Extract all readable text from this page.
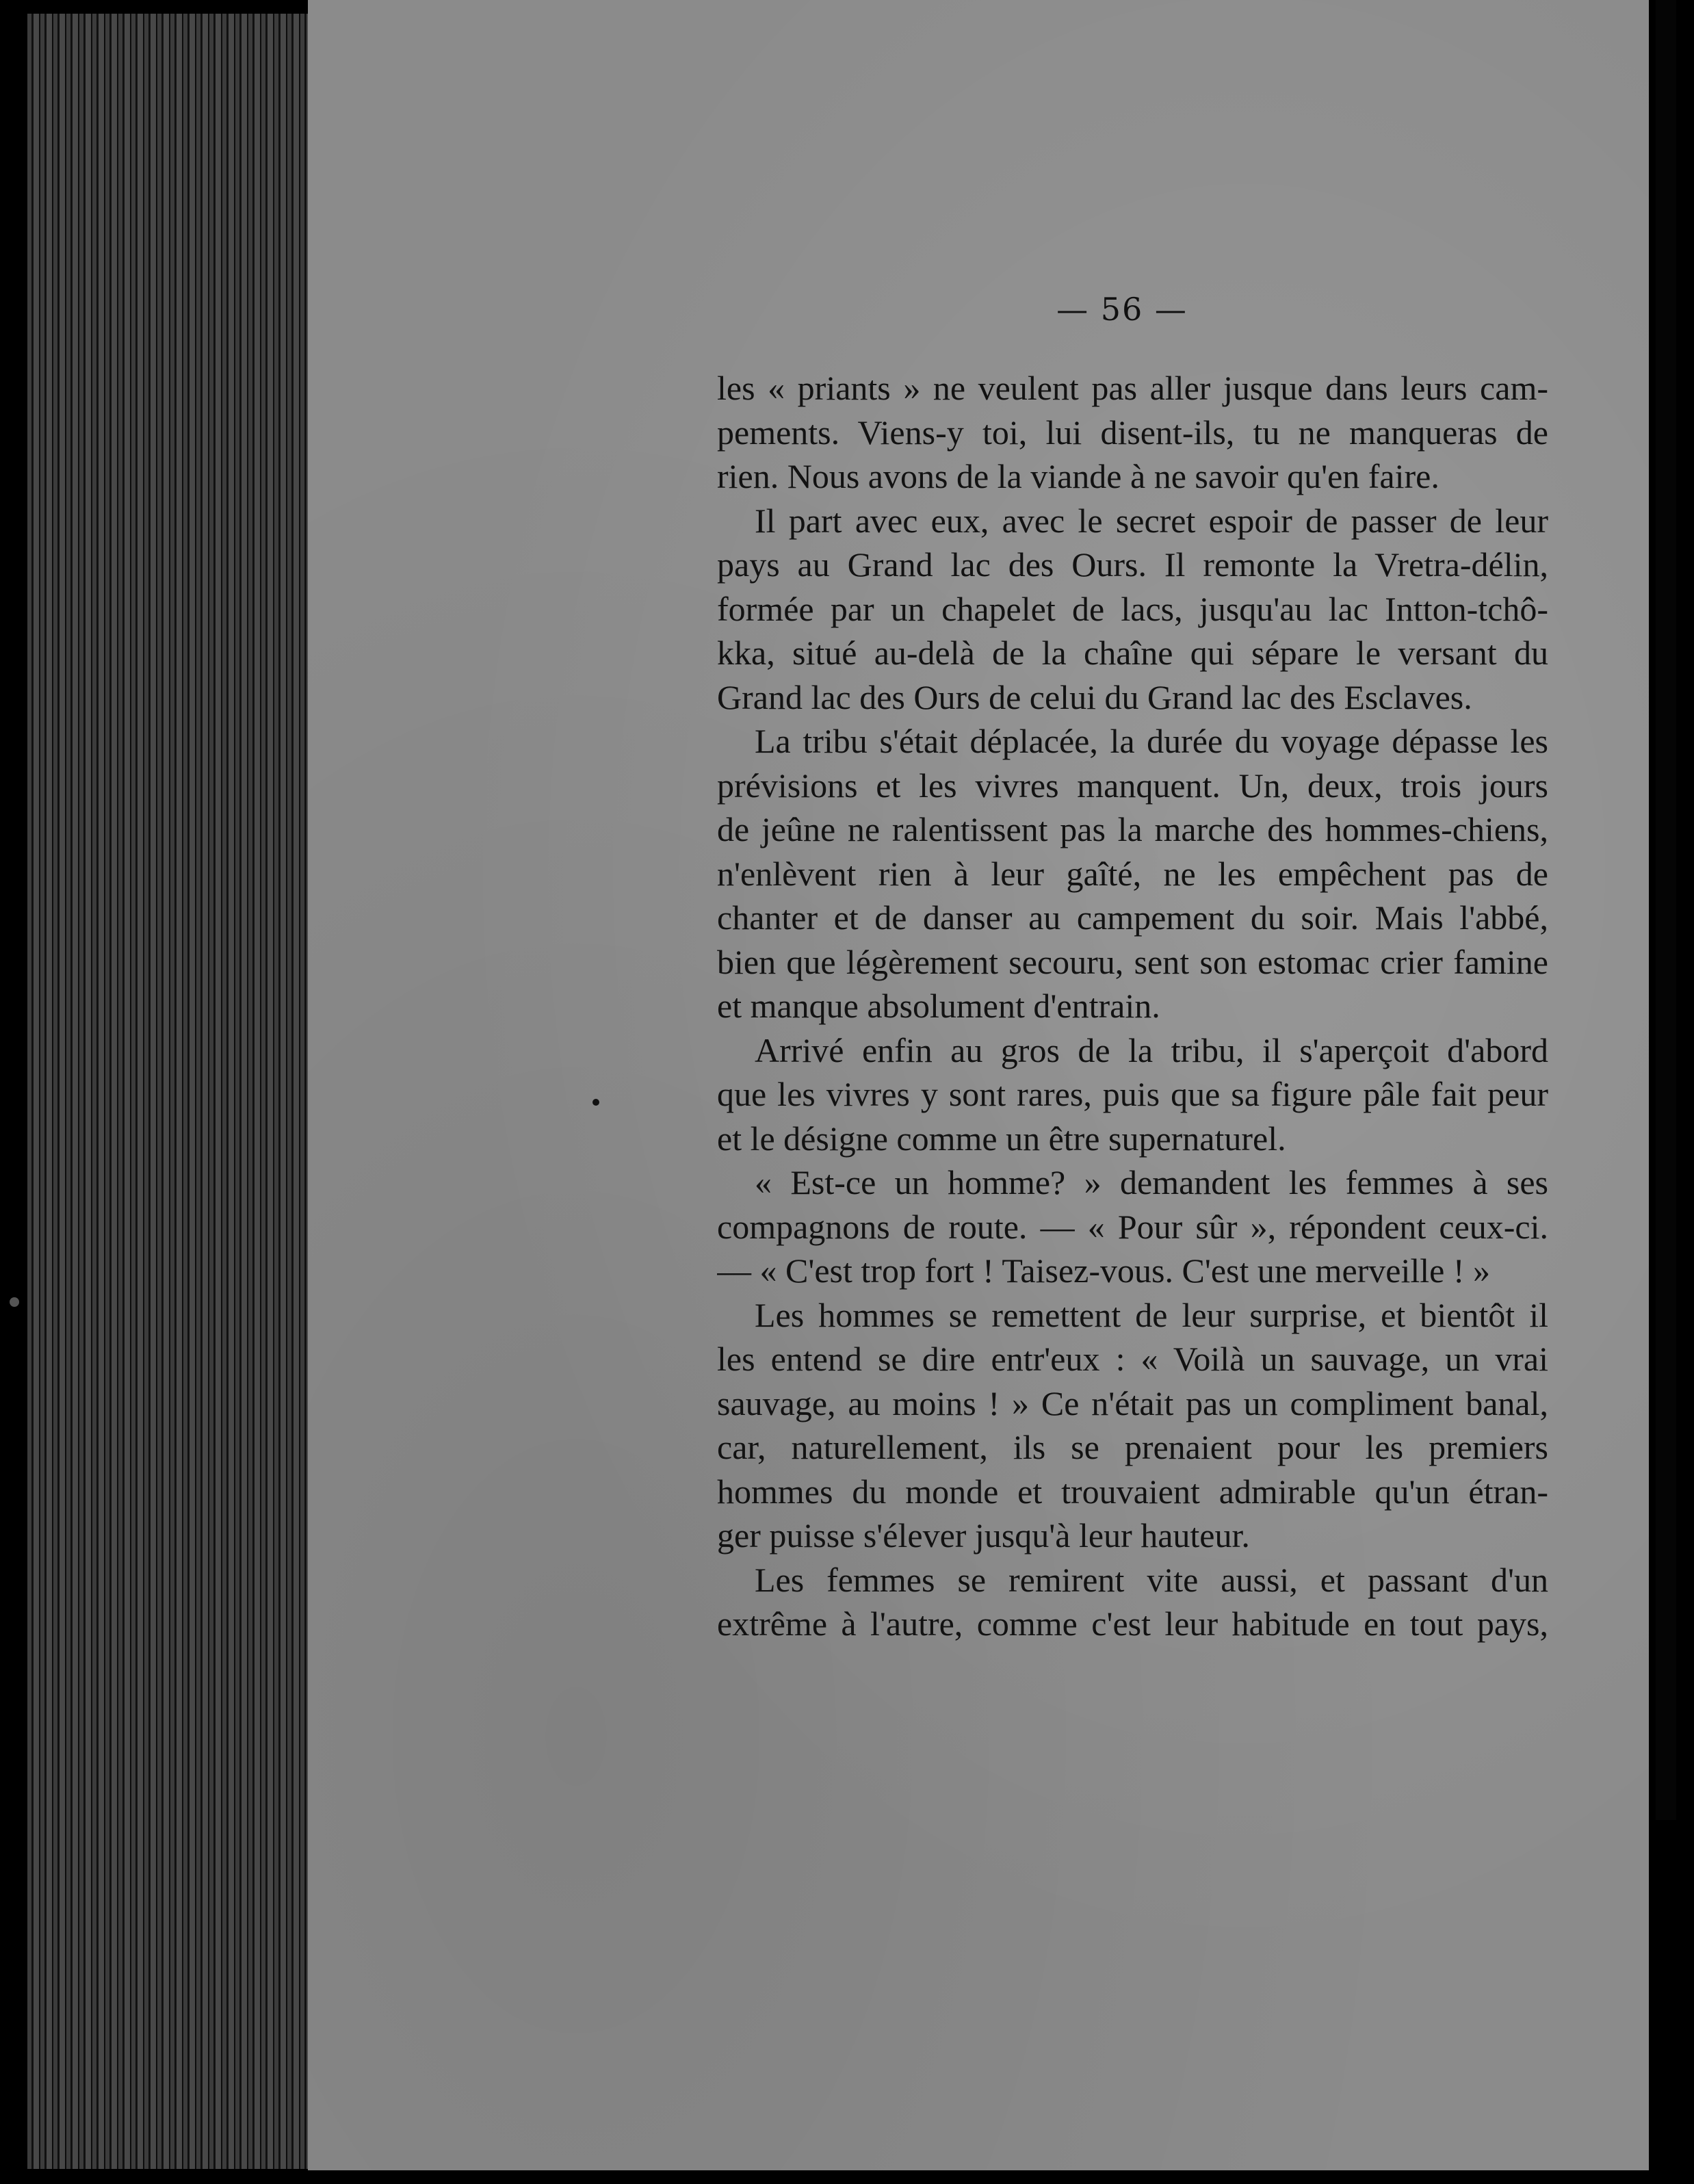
— 56 —
les « priants » ne veulent pas aller jusque dans leurs cam-
pements. Viens-y toi, lui disent-ils, tu ne manqueras de
rien. Nous avons de la viande à ne savoir qu'en faire.
Il part avec eux, avec le secret espoir de passer de leur
pays au Grand lac des Ours. Il remonte la Vretra-délin,
formée par un chapelet de lacs, jusqu'au lac Intton-tchô-
kka, situé au-delà de la chaîne qui sépare le versant du
Grand lac des Ours de celui du Grand lac des Esclaves.
La tribu s'était déplacée, la durée du voyage dépasse les
prévisions et les vivres manquent. Un, deux, trois jours
de jeûne ne ralentissent pas la marche des hommes-chiens,
n'enlèvent rien à leur gaîté, ne les empêchent pas de
chanter et de danser au campement du soir. Mais l'abbé,
bien que légèrement secouru, sent son estomac crier famine
et manque absolument d'entrain.
Arrivé enfin au gros de la tribu, il s'aperçoit d'abord
que les vivres y sont rares, puis que sa figure pâle fait peur
et le désigne comme un être supernaturel.
« Est-ce un homme? » demandent les femmes à ses
compagnons de route. — « Pour sûr », répondent ceux-ci.
— « C'est trop fort ! Taisez-vous. C'est une merveille ! »
Les hommes se remettent de leur surprise, et bientôt il
les entend se dire entr'eux : « Voilà un sauvage, un vrai
sauvage, au moins ! » Ce n'était pas un compliment banal,
car, naturellement, ils se prenaient pour les premiers
hommes du monde et trouvaient admirable qu'un étran-
ger puisse s'élever jusqu'à leur hauteur.
Les femmes se remirent vite aussi, et passant d'un
extrême à l'autre, comme c'est leur habitude en tout pays,
